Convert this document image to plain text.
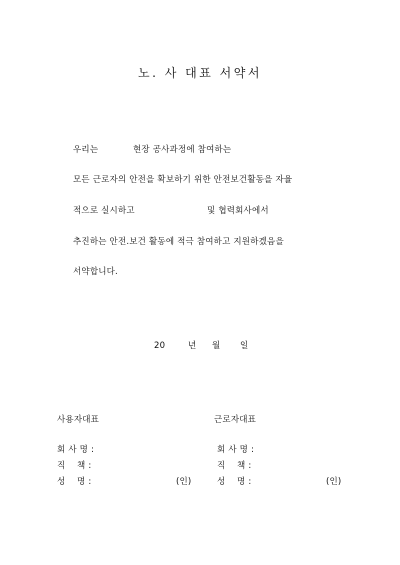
노. 사 대표 서약서
우리는	현장 공사과정에 참여하는
모든 근로자의 안전을 확보하기 위한 안전보건활동을 자율
적으로 실시하고	및 협력회사에서
추진하는 안전.보건 활동에 적극 참여하고 지원하겠음을
서약합니다.
20	년 월 일
사용자대표
회 사 명 :
직    책 :
성    명 :	(인)
근로자대표
회 사 명 :
직    책 :
성    명 :	(인)
